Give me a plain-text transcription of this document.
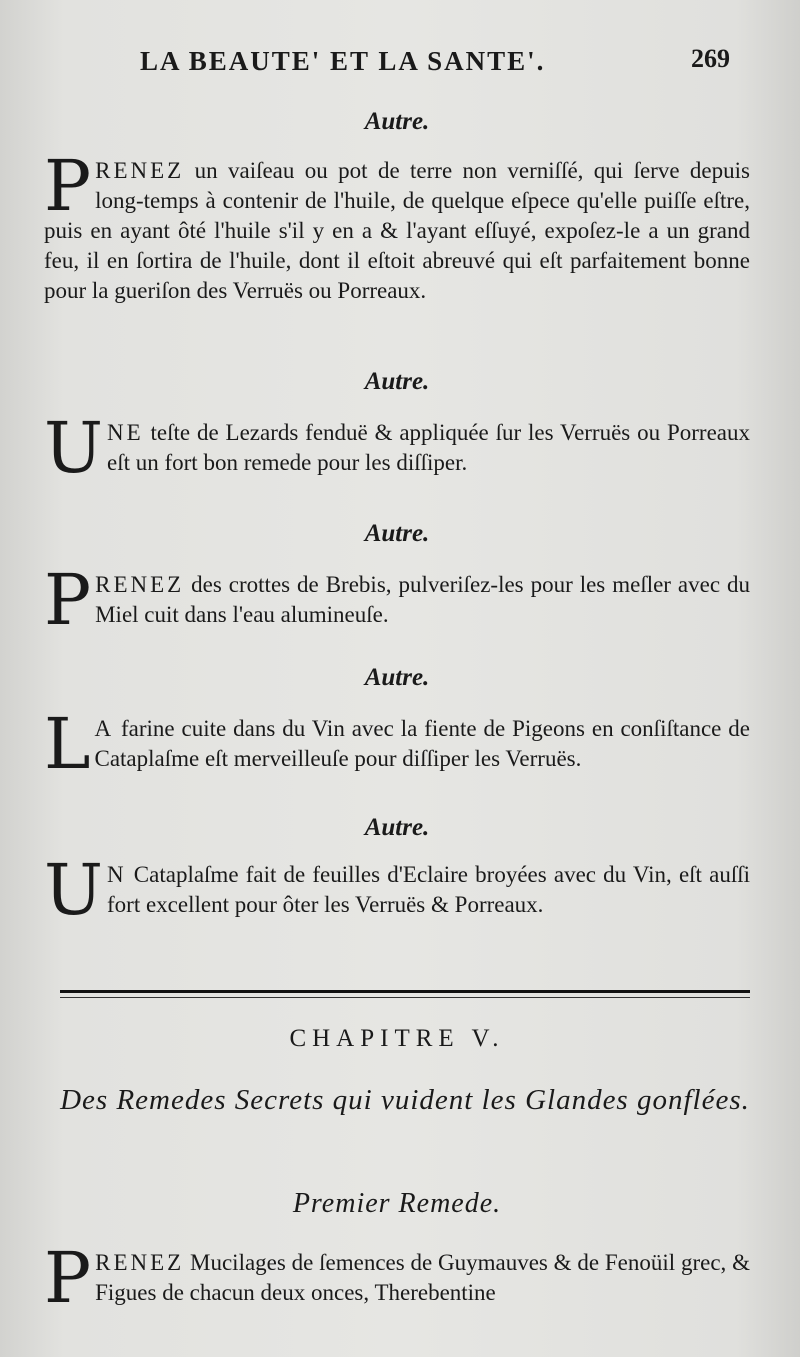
LA BEAUTE' ET LA SANTE'.	269
Autre.
PRENEZ un vaiſeau ou pot de terre non verniſſé, qui ſerve depuis long-temps à contenir de l'huile, de quelque eſpece qu'elle puiſſe eſtre, puis en ayant ôté l'huile s'il y en a & l'ayant eſſuyé, expoſez-le a un grand feu, il en ſortira de l'huile, dont il eſtoit abreuvé qui eſt parfaitement bonne pour la gueriſon des Verruës ou Porreaux.
Autre.
UNE teſte de Lezards fenduë & appliquée ſur les Verruës ou Porreaux eſt un fort bon remede pour les diſſiper.
Autre.
PRENEZ des crottes de Brebis, pulveriſez-les pour les meſler avec du Miel cuit dans l'eau alumineuſe.
Autre.
L A farine cuite dans du Vin avec la fiente de Pigeons en conſiſtance de Cataplaſme eſt merveilleuſe pour diſſiper les Verruës.
Autre.
U N Cataplaſme fait de feuilles d'Eclaire broyées avec du Vin, eſt auſſi fort excellent pour ôter les Verruës & Porreaux.
CHAPITRE V.
Des Remedes Secrets qui vuident les Glandes gonflées.
Premier Remede.
PRENEZ Mucilages de ſemences de Guymauves & de Fenoüil grec, & Figues de chacun deux onces, Therebentine
